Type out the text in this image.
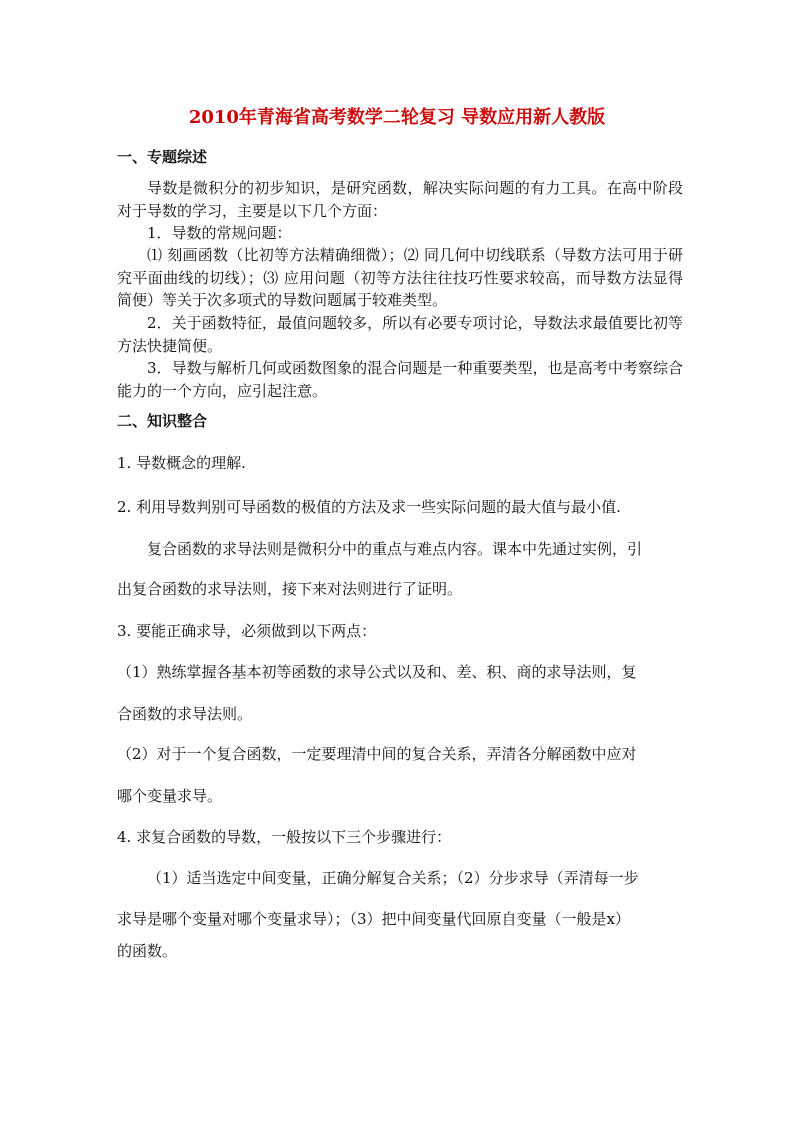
2010年青海省高考数学二轮复习 导数应用新人教版
一、专题综述

导数是微积分的初步知识，是研究函数，解决实际问题的有力工具。在高中阶段对于导数的学习，主要是以下几个方面：

1．导数的常规问题：

⑴ 刻画函数（比初等方法精确细微）；⑵ 同几何中切线联系（导数方法可用于研究平面曲线的切线）；⑶ 应用问题（初等方法往往技巧性要求较高，而导数方法显得简便）等关于次多项式的导数问题属于较难类型。

2．关于函数特征，最值问题较多，所以有必要专项讨论，导数法求最值要比初等方法快捷简便。

3．导数与解析几何或函数图象的混合问题是一种重要类型，也是高考中考察综合能力的一个方向，应引起注意。

二、知识整合
1. 导数概念的理解.
2. 利用导数判别可导函数的极值的方法及求一些实际问题的最大值与最小值.
复合函数的求导法则是微积分中的重点与难点内容。课本中先通过实例，引
出复合函数的求导法则，接下来对法则进行了证明。
3. 要能正确求导，必须做到以下两点：
（1）熟练掌握各基本初等函数的求导公式以及和、差、积、商的求导法则，复
合函数的求导法则。
（2）对于一个复合函数，一定要理清中间的复合关系，弄清各分解函数中应对
哪个变量求导。
4. 求复合函数的导数，一般按以下三个步骤进行：
（1）适当选定中间变量，正确分解复合关系；（2）分步求导（弄清每一步
求导是哪个变量对哪个变量求导）；（3）把中间变量代回原自变量（一般是x）
的函数。
